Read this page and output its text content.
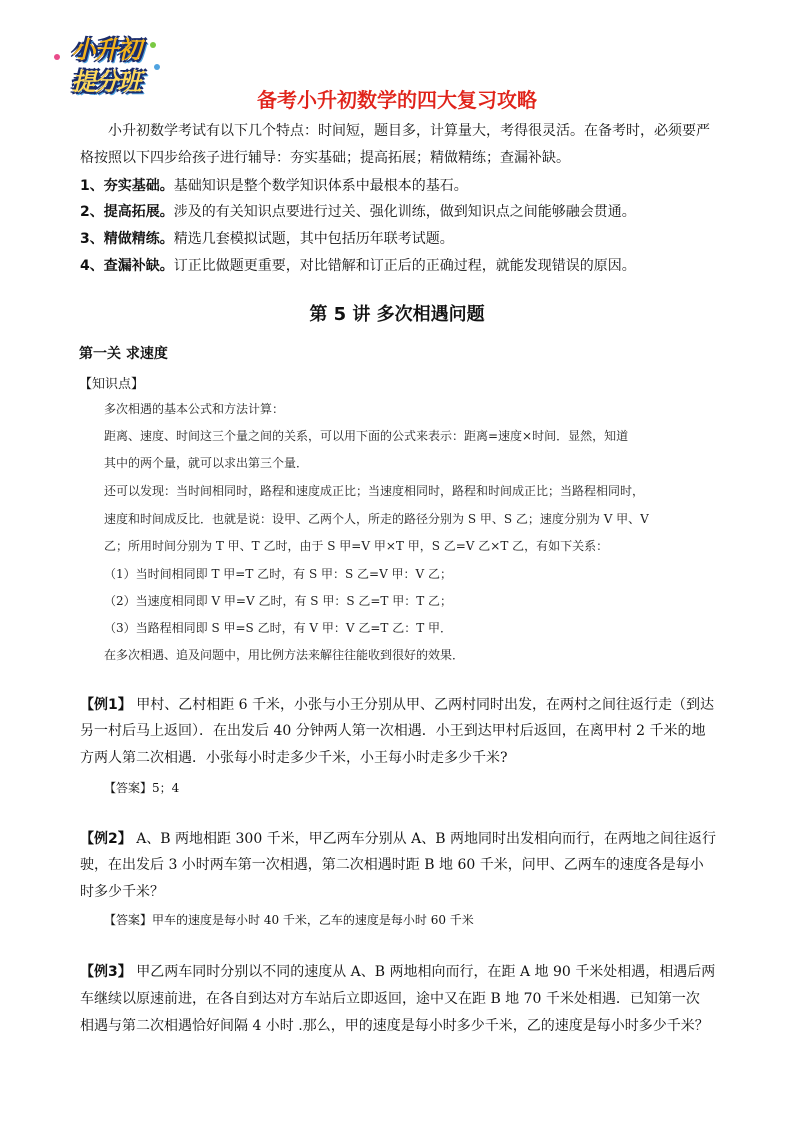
小升初
提分班
备考小升初数学的四大复习攻略
小升初数学考试有以下几个特点：时间短，题目多，计算量大，考得很灵活。在备考时，必须要严
格按照以下四步给孩子进行辅导：夯实基础；提高拓展；精做精练；查漏补缺。
1、夯实基础。基础知识是整个数学知识体系中最根本的基石。
2、提高拓展。涉及的有关知识点要进行过关、强化训练，做到知识点之间能够融会贯通。
3、精做精练。精选几套模拟试题，其中包括历年联考试题。
4、查漏补缺。订正比做题更重要，对比错解和订正后的正确过程，就能发现错误的原因。
第 5 讲 多次相遇问题
第一关 求速度
【知识点】
多次相遇的基本公式和方法计算：
距离、速度、时间这三个量之间的关系，可以用下面的公式来表示：距离=速度×时间．显然，知道
其中的两个量，就可以求出第三个量．
还可以发现：当时间相同时，路程和速度成正比；当速度相同时，路程和时间成正比；当路程相同时，
速度和时间成反比．也就是说：设甲、乙两个人，所走的路径分别为 S 甲、S 乙；速度分别为 V 甲、V
乙；所用时间分别为 T 甲、T 乙时，由于 S 甲=V 甲×T 甲，S 乙=V 乙×T 乙，有如下关系：
（1）当时间相同即 T 甲=T 乙时，有 S 甲：S 乙=V 甲：V 乙；
（2）当速度相同即 V 甲=V 乙时，有 S 甲：S 乙=T 甲：T 乙；
（3）当路程相同即 S 甲=S 乙时，有 V 甲：V 乙=T 乙：T 甲．
在多次相遇、追及问题中，用比例方法来解往往能收到很好的效果．
【例1】 甲村、乙村相距 6 千米，小张与小王分别从甲、乙两村同时出发，在两村之间往返行走（到达
另一村后马上返回）．在出发后 40 分钟两人第一次相遇．小王到达甲村后返回，在离甲村 2 千米的地
方两人第二次相遇．小张每小时走多少千米，小王每小时走多少千米?
【答案】5；4
【例2】 A、B 两地相距 300 千米，甲乙两车分别从 A、B 两地同时出发相向而行，在两地之间往返行
驶，在出发后 3 小时两车第一次相遇，第二次相遇时距 B 地 60 千米，问甲、乙两车的速度各是每小
时多少千米？
【答案】甲车的速度是每小时 40 千米，乙车的速度是每小时 60 千米
【例3】 甲乙两车同时分别以不同的速度从 A、B 两地相向而行，在距 A 地 90 千米处相遇，相遇后两
车继续以原速前进，在各自到达对方车站后立即返回，途中又在距 B 地 70 千米处相遇．已知第一次
相遇与第二次相遇恰好间隔 4 小时 .那么，甲的速度是每小时多少千米，乙的速度是每小时多少千米？
